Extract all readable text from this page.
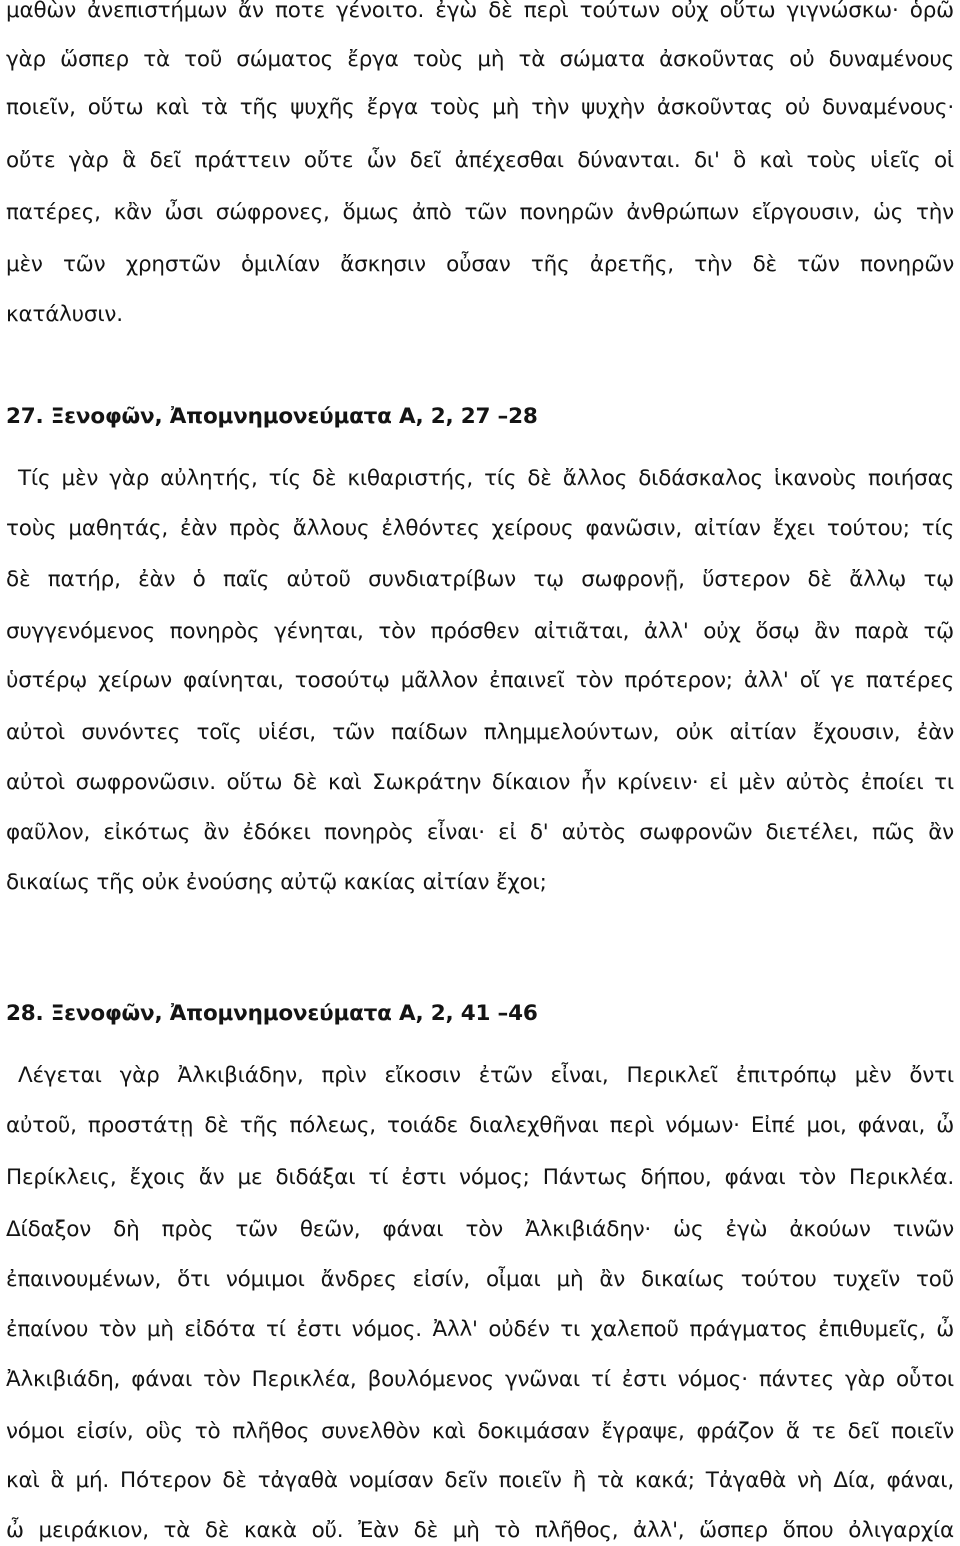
μαθὼν ἀνεπιστήμων ἄν ποτε γένοιτο. ἐγὼ δὲ περὶ τούτων οὐχ οὕτω γιγνώσκω· ὁρῶ
γὰρ ὥσπερ τὰ τοῦ σώματος ἔργα τοὺς μὴ τὰ σώματα ἀσκοῦντας οὐ δυναμένους
ποιεῖν, οὕτω καὶ τὰ τῆς ψυχῆς ἔργα τοὺς μὴ τὴν ψυχὴν ἀσκοῦντας οὐ δυναμένους·
οὔτε γὰρ ἃ δεῖ πράττειν οὔτε ὧν δεῖ ἀπέχεσθαι δύνανται. δι' ὃ καὶ τοὺς υἱεῖς οἱ
πατέρες, κἂν ὦσι σώφρονες, ὅμως ἀπὸ τῶν πονηρῶν ἀνθρώπων εἴργουσιν, ὡς τὴν
μὲν τῶν χρηστῶν ὁμιλίαν ἄσκησιν οὖσαν τῆς ἀρετῆς, τὴν δὲ τῶν πονηρῶν
κατάλυσιν.
27. Ξενοφῶν, Ἀπομνημονεύματα Α, 2, 27 –28
Τίς μὲν γὰρ αὐλητής, τίς δὲ κιθαριστής, τίς δὲ ἄλλος διδάσκαλος ἱκανοὺς ποιήσας
τοὺς μαθητάς, ἐὰν πρὸς ἄλλους ἐλθόντες χείρους φανῶσιν, αἰτίαν ἔχει τούτου; τίς
δὲ πατήρ, ἐὰν ὁ παῖς αὐτοῦ συνδιατρίβων τῳ σωφρονῇ, ὕστερον δὲ ἄλλῳ τῳ
συγγενόμενος πονηρὸς γένηται, τὸν πρόσθεν αἰτιᾶται, ἀλλ' οὐχ ὅσῳ ἂν παρὰ τῷ
ὑστέρῳ χείρων φαίνηται, τοσούτῳ μᾶλλον ἐπαινεῖ τὸν πρότερον; ἀλλ' οἵ γε πατέρες
αὐτοὶ συνόντες τοῖς υἱέσι, τῶν παίδων πλημμελούντων, οὐκ αἰτίαν ἔχουσιν, ἐὰν
αὐτοὶ σωφρονῶσιν. οὕτω δὲ καὶ Σωκράτην δίκαιον ἦν κρίνειν· εἰ μὲν αὐτὸς ἐποίει τι
φαῦλον, εἰκότως ἂν ἐδόκει πονηρὸς εἶναι· εἰ δ' αὐτὸς σωφρονῶν διετέλει, πῶς ἂν
δικαίως τῆς οὐκ ἐνούσης αὐτῷ κακίας αἰτίαν ἔχοι;
28. Ξενοφῶν, Ἀπομνημονεύματα Α, 2, 41 –46
Λέγεται γὰρ Ἀλκιβιάδην, πρὶν εἴκοσιν ἐτῶν εἶναι, Περικλεῖ ἐπιτρόπῳ μὲν ὄντι
αὐτοῦ, προστάτῃ δὲ τῆς πόλεως, τοιάδε διαλεχθῆναι περὶ νόμων· Εἰπέ μοι, φάναι, ὦ
Περίκλεις, ἔχοις ἄν με διδάξαι τί ἐστι νόμος; Πάντως δήπου, φάναι τὸν Περικλέα.
Δίδαξον δὴ πρὸς τῶν θεῶν, φάναι τὸν Ἀλκιβιάδην· ὡς ἐγὼ ἀκούων τινῶν
ἐπαινουμένων, ὅτι νόμιμοι ἄνδρες εἰσίν, οἶμαι μὴ ἂν δικαίως τούτου τυχεῖν τοῦ
ἐπαίνου τὸν μὴ εἰδότα τί ἐστι νόμος. Ἀλλ' οὐδέν τι χαλεποῦ πράγματος ἐπιθυμεῖς, ὦ
Ἀλκιβιάδη, φάναι τὸν Περικλέα, βουλόμενος γνῶναι τί ἐστι νόμος· πάντες γὰρ οὗτοι
νόμοι εἰσίν, οὓς τὸ πλῆθος συνελθὸν καὶ δοκιμάσαν ἔγραψε, φράζον ἅ τε δεῖ ποιεῖν
καὶ ἃ μή. Πότερον δὲ τἀγαθὰ νομίσαν δεῖν ποιεῖν ἢ τὰ κακά; Τἀγαθὰ νὴ Δία, φάναι,
ὦ μειράκιον, τὰ δὲ κακὰ οὔ. Ἐὰν δὲ μὴ τὸ πλῆθος, ἀλλ', ὥσπερ ὅπου ὀλιγαρχία
